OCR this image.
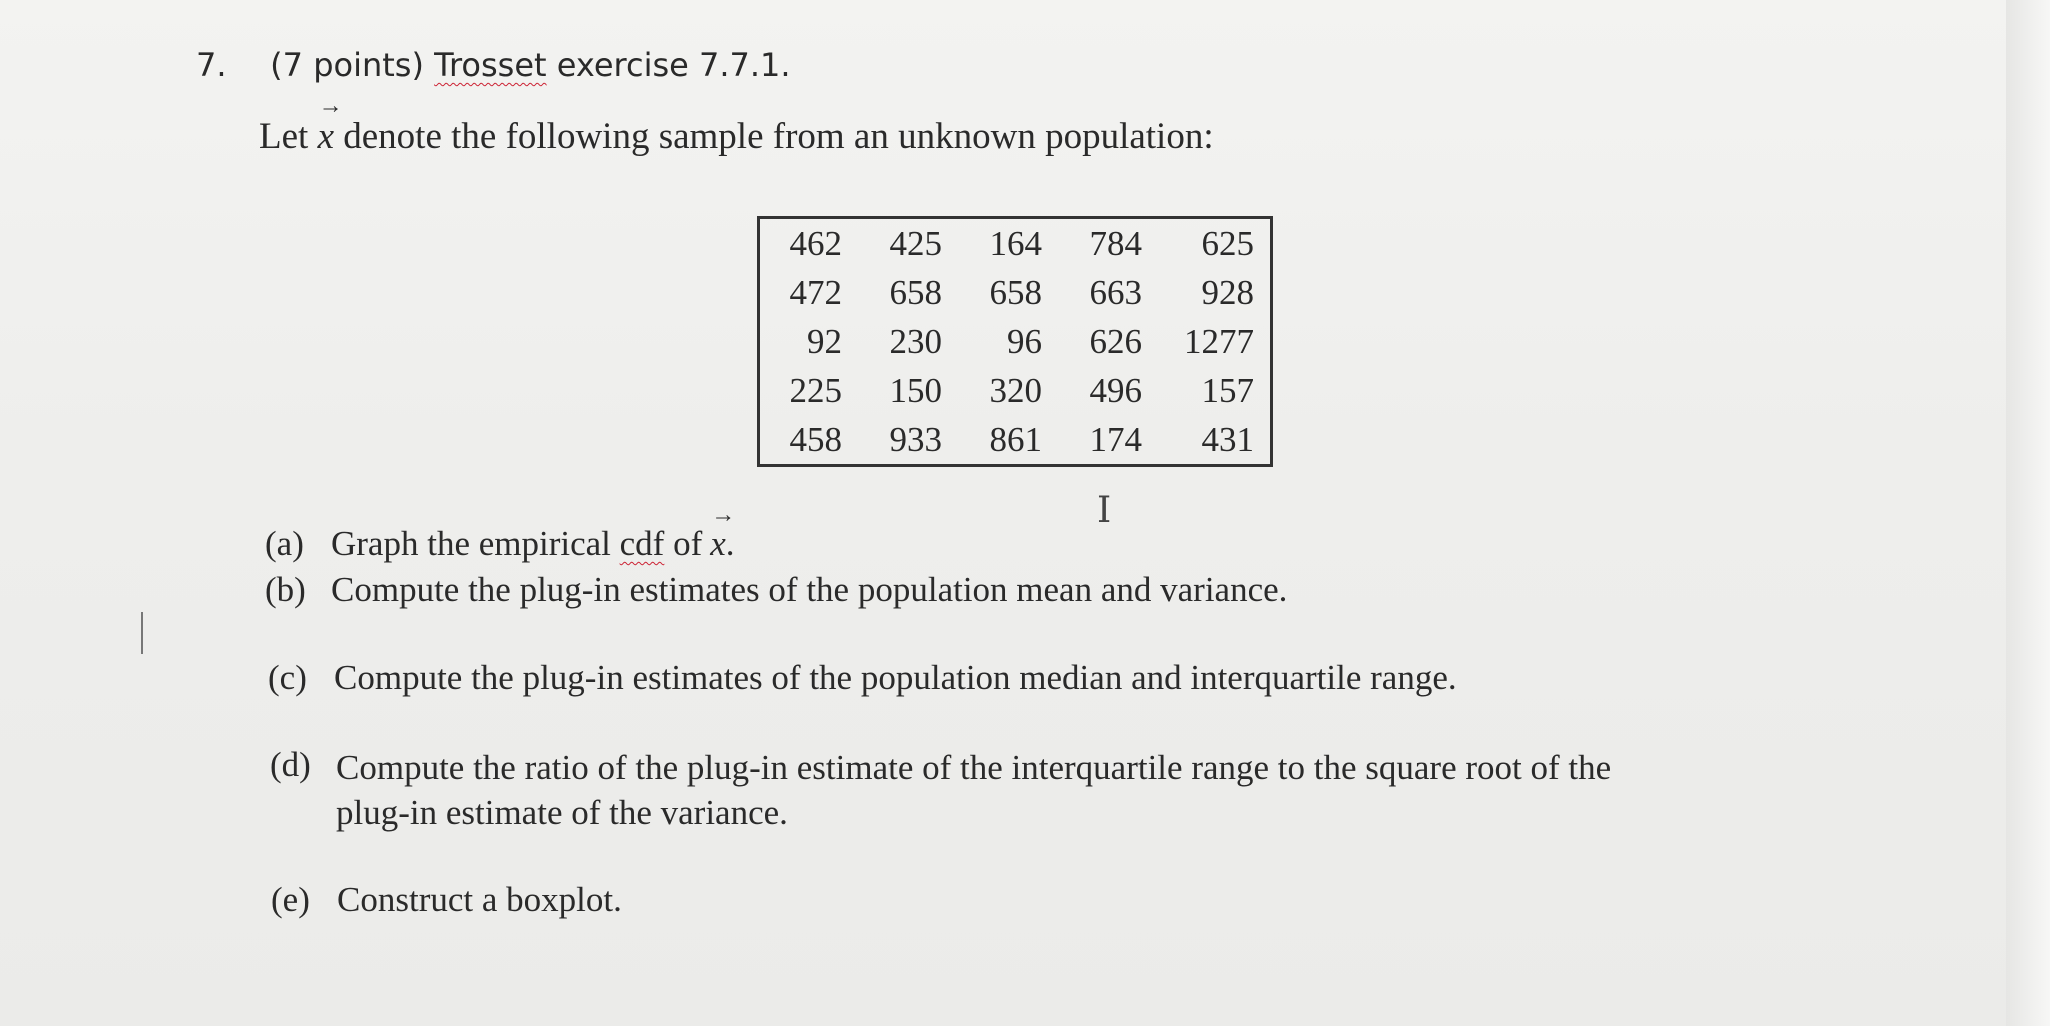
7. (7 points) Trosset exercise 7.7.1.
Let → x denote the following sample from an unknown population:
462	425	164	784	625
472	658	658	663	928
92	230	96	626	1277
225	150	320	496	157
458	933	861	174	431
I
(a) Graph the empirical cdf of → x.
(b) Compute the plug-in estimates of the population mean and variance.
(c) Compute the plug-in estimates of the population median and interquartile range.
(d) Compute the ratio of the plug-in estimate of the interquartile range to the square root of the
plug-in estimate of the variance.
(e) Construct a boxplot.
